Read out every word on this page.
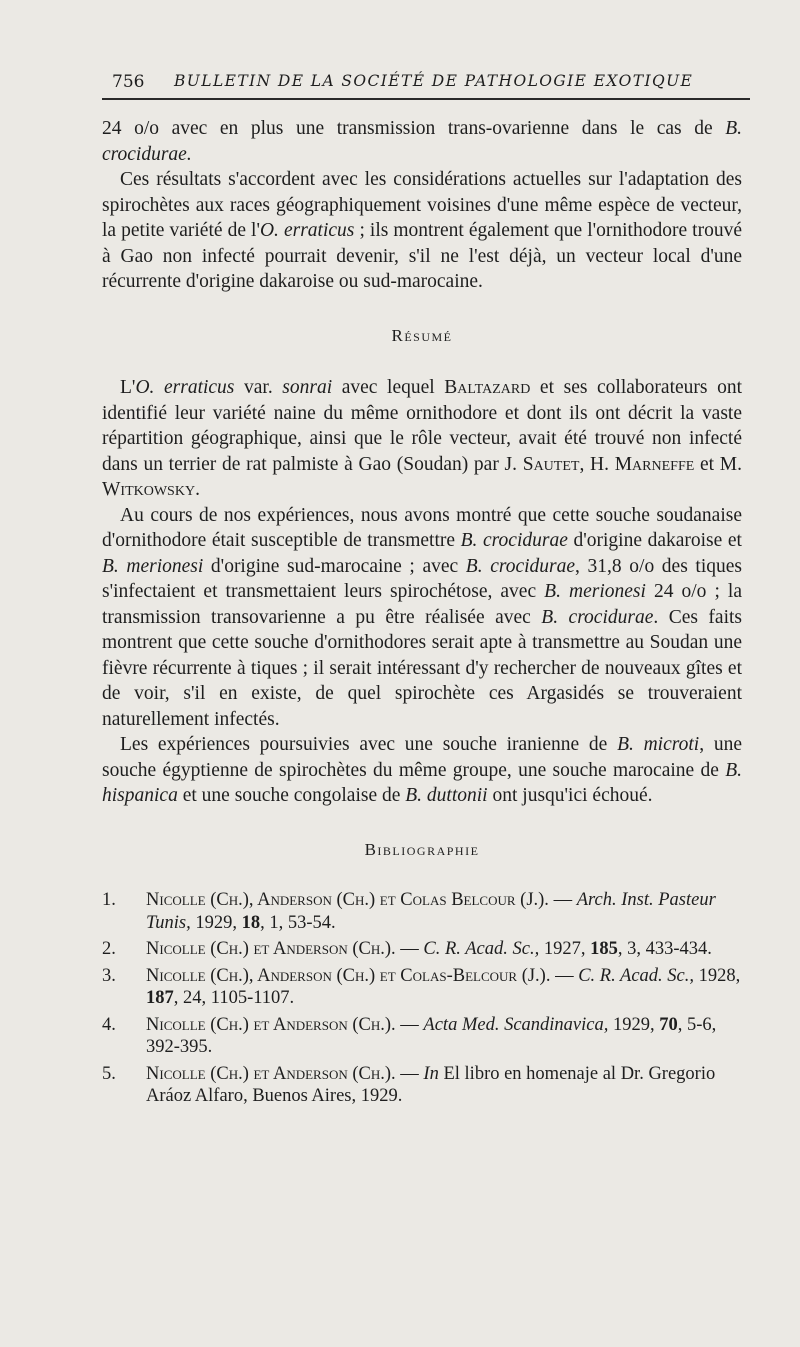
756 BULLETIN DE LA SOCIÉTÉ DE PATHOLOGIE EXOTIQUE

24 o/o avec en plus une transmission trans-ovarienne dans le cas de B. crocidurae.

Ces résultats s'accordent avec les considérations actuelles sur l'adaptation des spirochètes aux races géographiquement voisines d'une même espèce de vecteur, la petite variété de l'O. erraticus ; ils montrent également que l'ornithodore trouvé à Gao non infecté pourrait devenir, s'il ne l'est déjà, un vecteur local d'une récurrente d'origine dakaroise ou sud-marocaine.

Résumé

L'O. erraticus var. sonrai avec lequel Baltazard et ses collaborateurs ont identifié leur variété naine du même ornithodore et dont ils ont décrit la vaste répartition géographique, ainsi que le rôle vecteur, avait été trouvé non infecté dans un terrier de rat palmiste à Gao (Soudan) par J. Sautet, H. Marneffe et M. Witkowsky.

Au cours de nos expériences, nous avons montré que cette souche soudanaise d'ornithodore était susceptible de transmettre B. crocidurae d'origine dakaroise et B. merionesi d'origine sud-marocaine ; avec B. crocidurae, 31,8 o/o des tiques s'infectaient et transmettaient leurs spirochétose, avec B. merionesi 24 o/o ; la transmission transovarienne a pu être réalisée avec B. crocidurae. Ces faits montrent que cette souche d'ornithodores serait apte à transmettre au Soudan une fièvre récurrente à tiques ; il serait intéressant d'y rechercher de nouveaux gîtes et de voir, s'il en existe, de quel spirochète ces Argasidés se trouveraient naturellement infectés.

Les expériences poursuivies avec une souche iranienne de B. microti, une souche égyptienne de spirochètes du même groupe, une souche marocaine de B. hispanica et une souche congolaise de B. duttonii ont jusqu'ici échoué.

Bibliographie
1. Nicolle (Ch.), Anderson (Ch.) et Colas Belcour (J.). — Arch. Inst. Pasteur Tunis, 1929, 18, 1, 53-54.
2. Nicolle (Ch.) et Anderson (Ch.). — C. R. Acad. Sc., 1927, 185, 3, 433-434.
3. Nicolle (Ch.), Anderson (Ch.) et Colas-Belcour (J.). — C. R. Acad. Sc., 1928, 187, 24, 1105-1107.
4. Nicolle (Ch.) et Anderson (Ch.). — Acta Med. Scandinavica, 1929, 70, 5-6, 392-395.
5. Nicolle (Ch.) et Anderson (Ch.). — In El libro en homenaje al Dr. Gregorio Aráoz Alfaro, Buenos Aires, 1929.
